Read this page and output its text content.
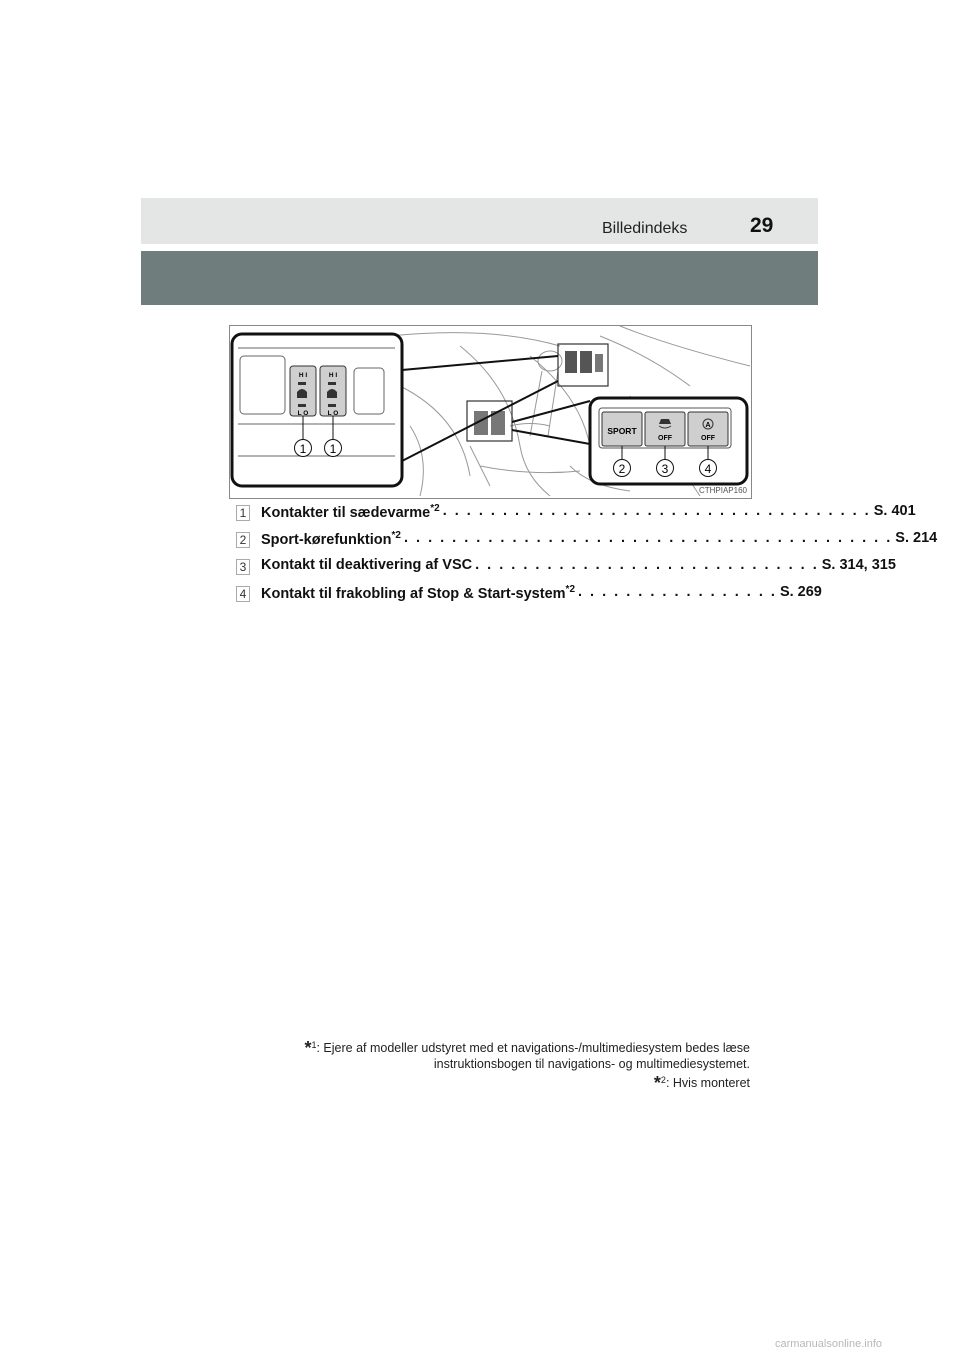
Billedindeks	29
H I
L O
H I
L O
1 1
SPORT
OFF
A
OFF
2	3	4
CTHPIAP160
1 Kontakter til sædevarme$^{*2}$ . . . . . . . . . . . . . . . . . . . . . . . . . . . . . . . . . . . . S. 401
2 Sport-kørefunktion$^{*2}$ . . . . . . . . . . . . . . . . . . . . . . . . . . . . . . . . . . . . . . . . . S. 214
3 Kontakt til deaktivering af VSC . . . . . . . . . . . . . . . . . . . . . . . . . . . . . S. 314, 315
4 Kontakt til frakobling af Stop & Start-system$^{*2}$ . . . . . . . . . . . . . . . . . S. 269
*$^1$: Ejere af modeller udstyret med et navigations-/multimediesystem bedes læse
instruktionsbogen til navigations- og multimediesystemet.
*$^2$: Hvis monteret
carmanualsonline.info
